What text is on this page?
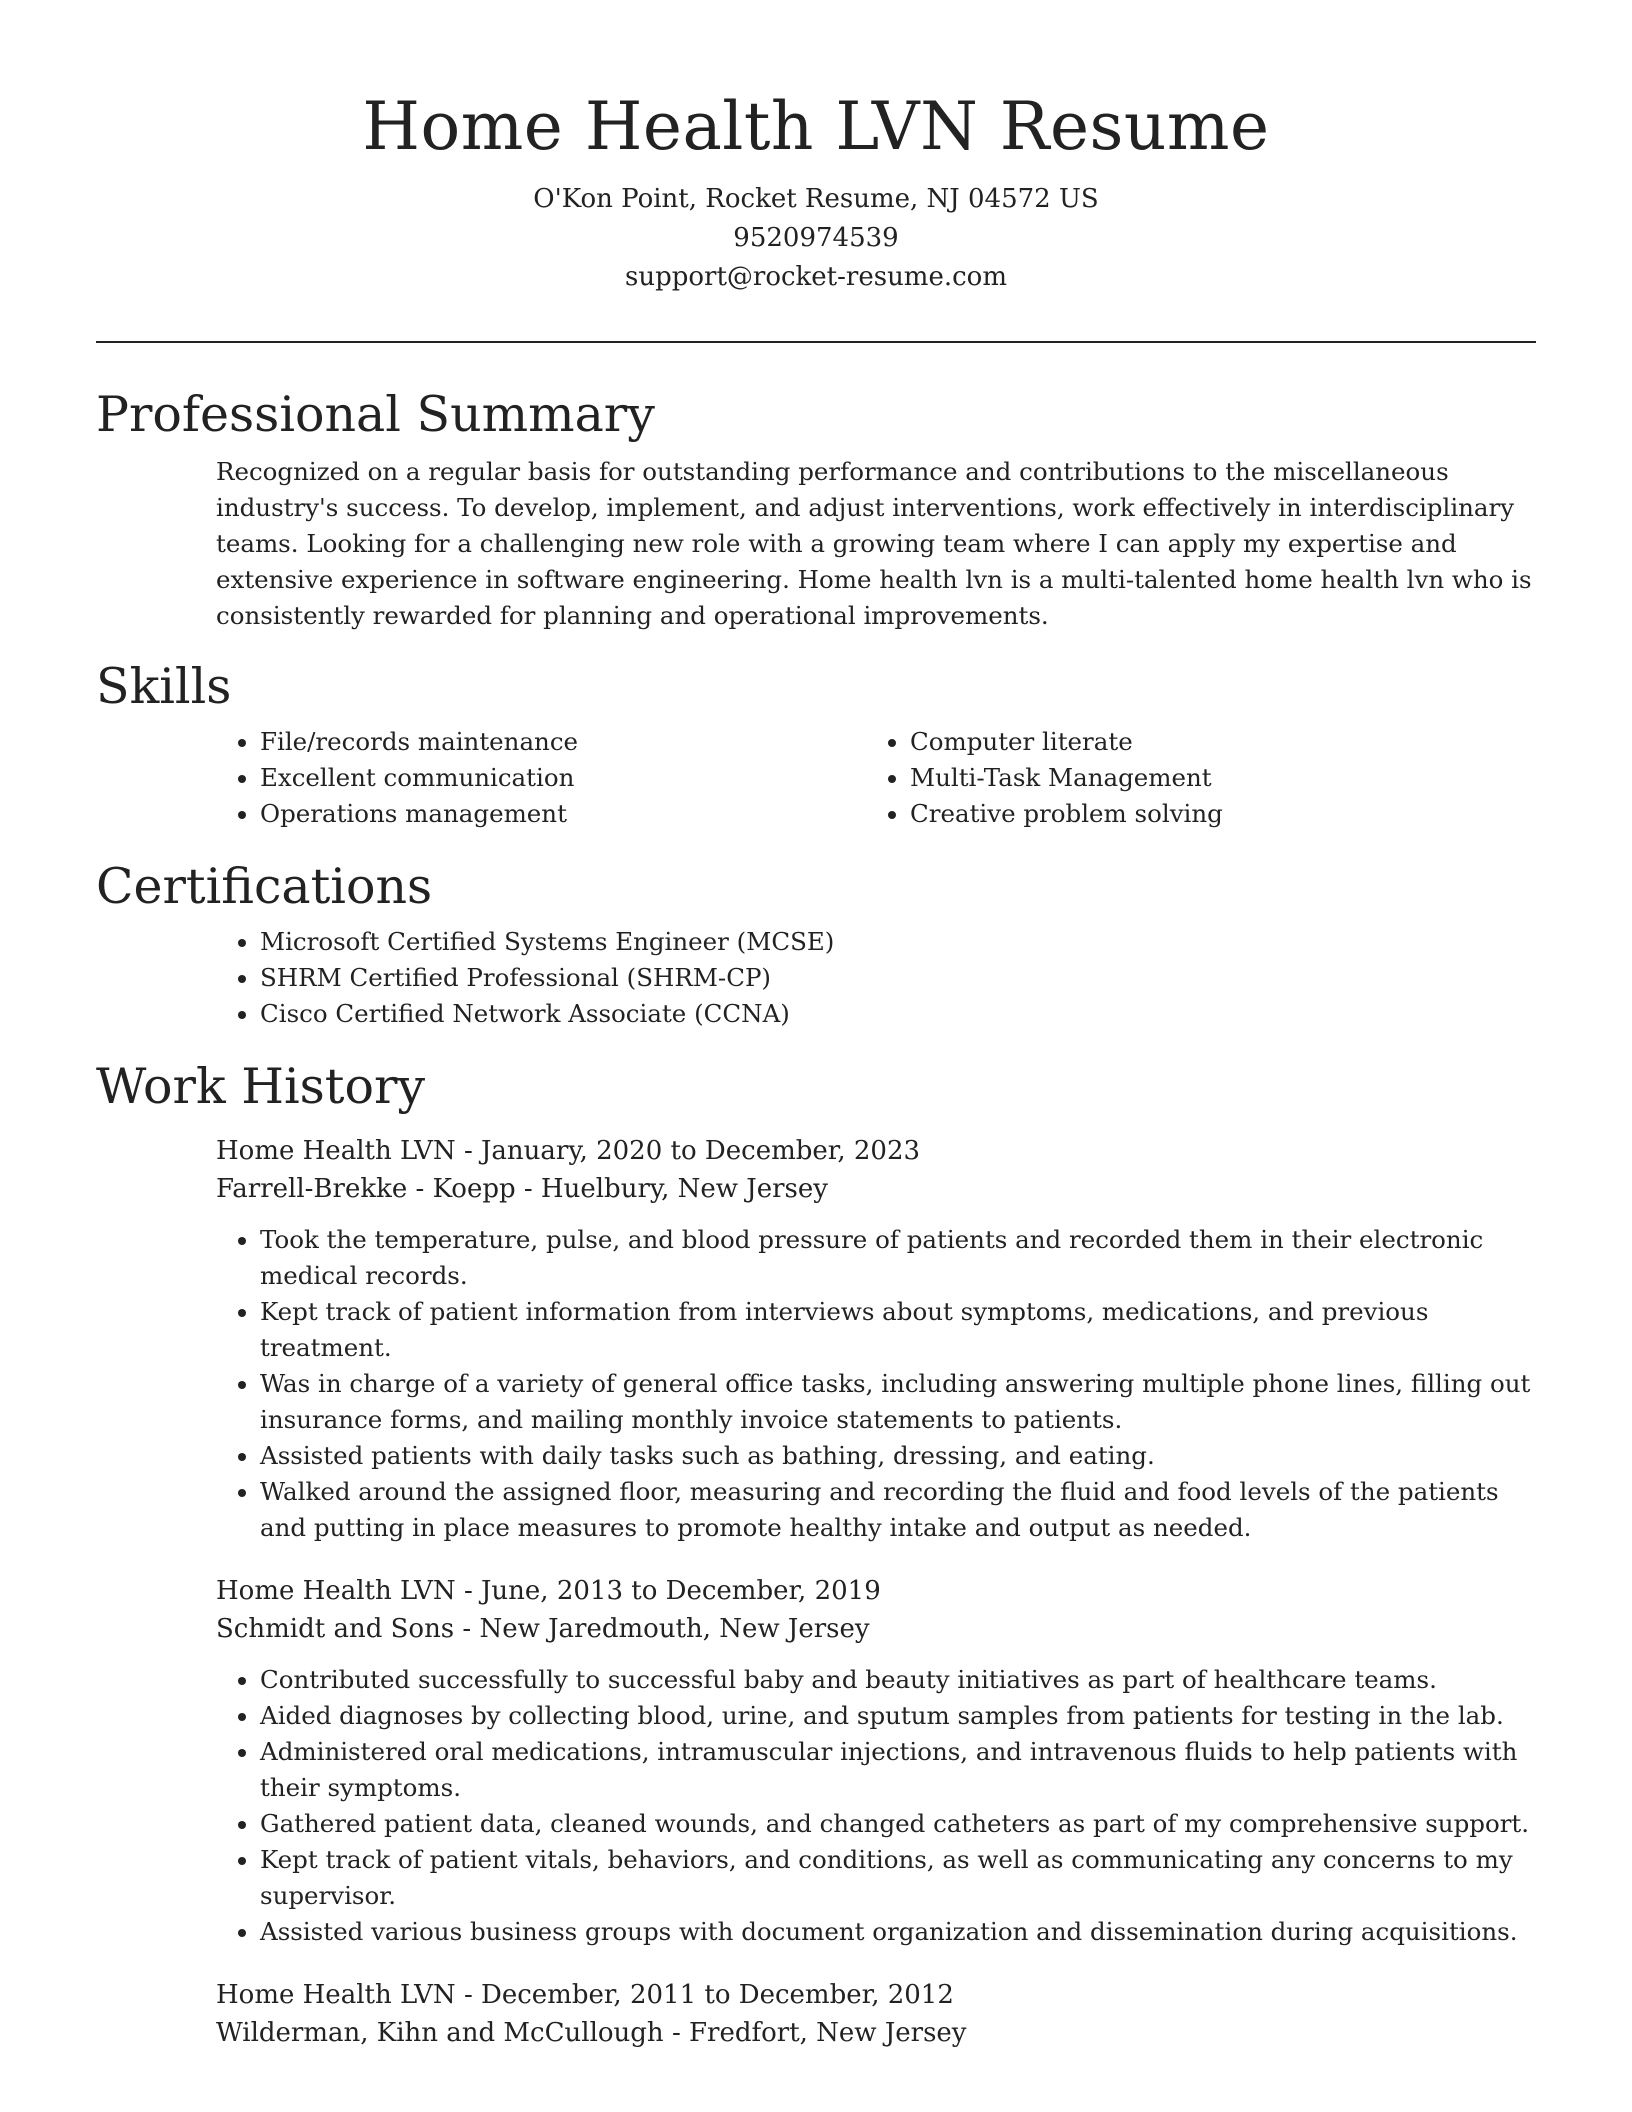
Home Health LVN Resume

O'Kon Point, Rocket Resume, NJ 04572 US

9520974539

support@rocket-resume.com

Professional Summary

Recognized on a regular basis for outstanding performance and contributions to the miscellaneous industry's success. To develop, implement, and adjust interventions, work effectively in interdisciplinary teams. Looking for a challenging new role with a growing team where I can apply my expertise and extensive experience in software engineering. Home health lvn is a multi-talented home health lvn who is consistently rewarded for planning and operational improvements.

Skills
• File/records maintenance
• Excellent communication
• Operations management
• Computer literate
• Multi-Task Management
• Creative problem solving
Certifications
• Microsoft Certified Systems Engineer (MCSE)
• SHRM Certified Professional (SHRM-CP)
• Cisco Certified Network Associate (CCNA)
Work History

Home Health LVN - January, 2020 to December, 2023

Farrell-Brekke - Koepp - Huelbury, New Jersey

• Took the temperature, pulse, and blood pressure of patients and recorded them in their electronic medical records.
• Kept track of patient information from interviews about symptoms, medications, and previous treatment.
• Was in charge of a variety of general office tasks, including answering multiple phone lines, filling out insurance forms, and mailing monthly invoice statements to patients.
• Assisted patients with daily tasks such as bathing, dressing, and eating.
• Walked around the assigned floor, measuring and recording the fluid and food levels of the patients and putting in place measures to promote healthy intake and output as needed.

Home Health LVN - June, 2013 to December, 2019

Schmidt and Sons - New Jaredmouth, New Jersey

• Contributed successfully to successful baby and beauty initiatives as part of healthcare teams.
• Aided diagnoses by collecting blood, urine, and sputum samples from patients for testing in the lab.
• Administered oral medications, intramuscular injections, and intravenous fluids to help patients with their symptoms.
• Gathered patient data, cleaned wounds, and changed catheters as part of my comprehensive support.
• Kept track of patient vitals, behaviors, and conditions, as well as communicating any concerns to my supervisor.
• Assisted various business groups with document organization and dissemination during acquisitions.

Home Health LVN - December, 2011 to December, 2012

Wilderman, Kihn and McCullough - Fredfort, New Jersey
